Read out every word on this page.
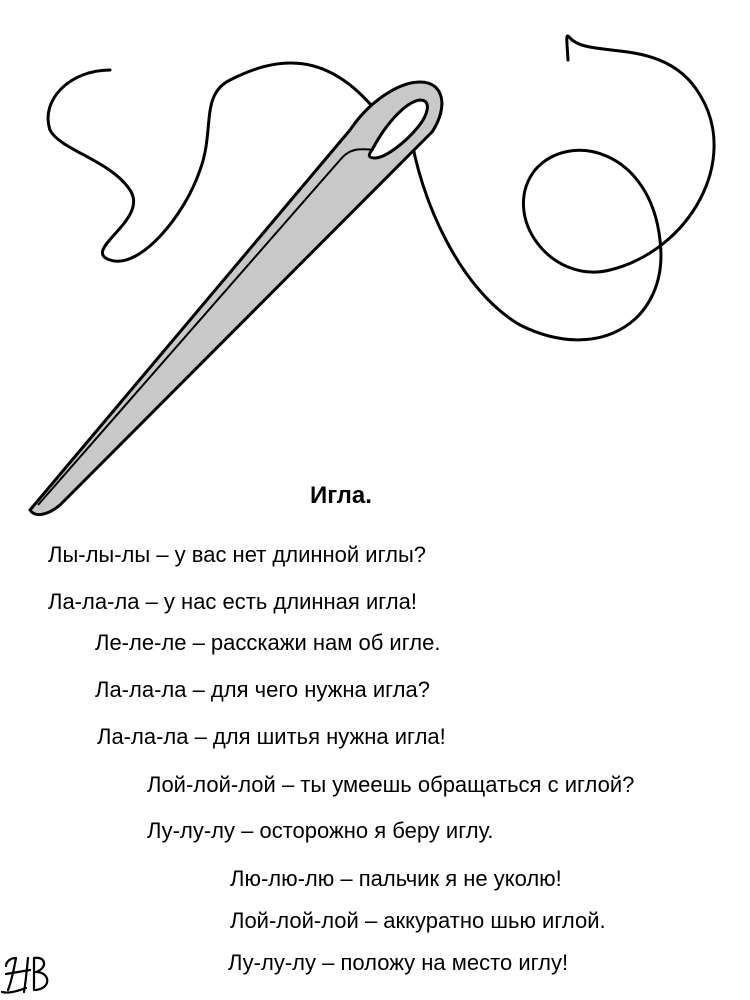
Игла.
Лы-лы-лы – у вас нет длинной иглы?
Ла-ла-ла – у нас есть длинная игла!
Ле-ле-ле – расскажи нам об игле.
Ла-ла-ла – для чего нужна игла?
Ла-ла-ла – для шитья нужна игла!
Лой-лой-лой – ты умеешь обращаться с иглой?
Лу-лу-лу – осторожно я беру иглу.
Лю-лю-лю – пальчик я не уколю!
Лой-лой-лой – аккуратно шью иглой.
Лу-лу-лу – положу на место иглу!
